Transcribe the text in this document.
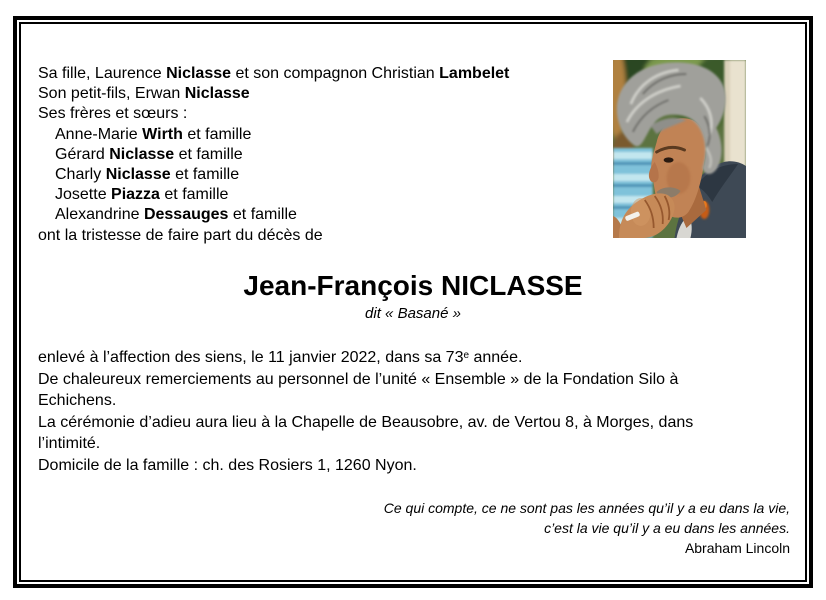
Sa fille, Laurence Niclasse et son compagnon Christian Lambelet
Son petit-fils, Erwan Niclasse
Ses frères et sœurs :
Anne-Marie Wirth et famille
Gérard Niclasse et famille
Charly Niclasse et famille
Josette Piazza et famille
Alexandrine Dessauges et famille
ont la tristesse de faire part du décès de
Jean-François NICLASSE
dit « Basané »
enlevé à l’affection des siens, le 11 janvier 2022, dans sa 73e année.
De chaleureux remerciements au personnel de l’unité « Ensemble » de la Fondation Silo à
Echichens.
La cérémonie d’adieu aura lieu à la Chapelle de Beausobre, av. de Vertou 8, à Morges, dans
l’intimité.
Domicile de la famille : ch. des Rosiers 1, 1260 Nyon.
Ce qui compte, ce ne sont pas les années qu’il y a eu dans la vie,
c’est la vie qu’il y a eu dans les années.
Abraham Lincoln
